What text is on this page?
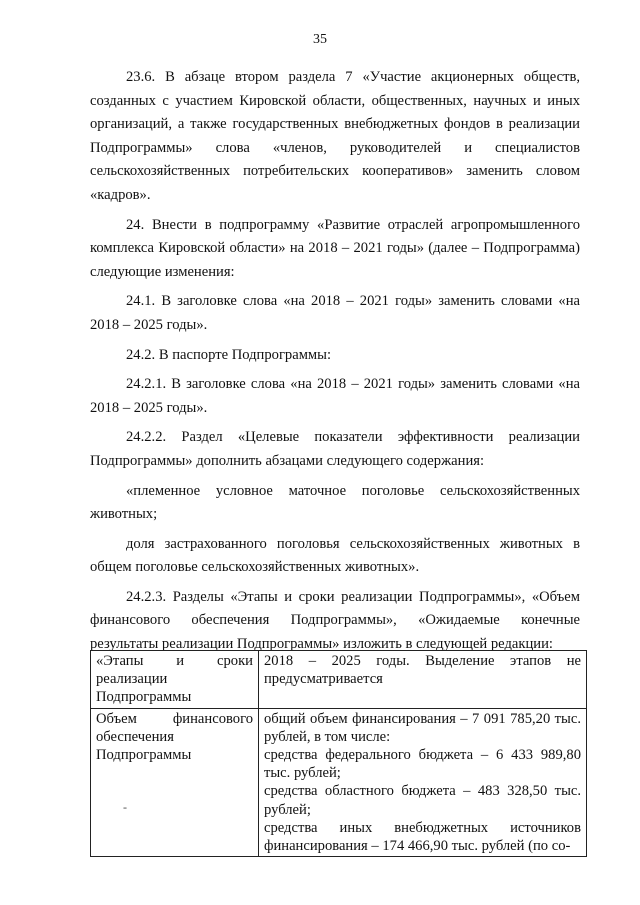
35

23.6. В абзаце втором раздела 7 «Участие акционерных обществ, созданных с участием Кировской области, общественных, научных и иных организаций, а также государственных внебюджетных фондов в реализации Подпрограммы» слова «членов, руководителей и специалистов сельскохозяйственных потребительских кооперативов» заменить словом «кадров».

24. Внести в подпрограмму «Развитие отраслей агропромышленного комплекса Кировской области» на 2018 – 2021 годы» (далее – Подпрограмма) следующие изменения:

24.1. В заголовке слова «на 2018 – 2021 годы» заменить словами «на 2018 – 2025 годы».

24.2. В паспорте Подпрограммы:

24.2.1. В заголовке слова «на 2018 – 2021 годы» заменить словами «на 2018 – 2025 годы».

24.2.2. Раздел «Целевые показатели эффективности реализации Подпрограммы» дополнить абзацами следующего содержания:

«племенное условное маточное поголовье сельскохозяйственных животных;

доля застрахованного поголовья сельскохозяйственных животных в общем поголовье сельскохозяйственных животных».

24.2.3. Разделы «Этапы и сроки реализации Подпрограммы», «Объем финансового обеспечения Подпрограммы», «Ожидаемые конечные результаты реализации Подпрограммы» изложить в следующей редакции:

«Этапы и сроки реализации Подпрограммы	2018 – 2025 годы. Выделение этапов не предусматривается
Объем финансового обеспечения Подпрограммы	общий объем финансирования – 7 091 785,20 тыс. рублей, в том числе:
средства федерального бюджета – 6 433 989,80 тыс. рублей;
средства областного бюджета – 483 328,50 тыс. рублей;
средства иных внебюджетных источников финансирования – 174 466,90 тыс. рублей (по со-
-
